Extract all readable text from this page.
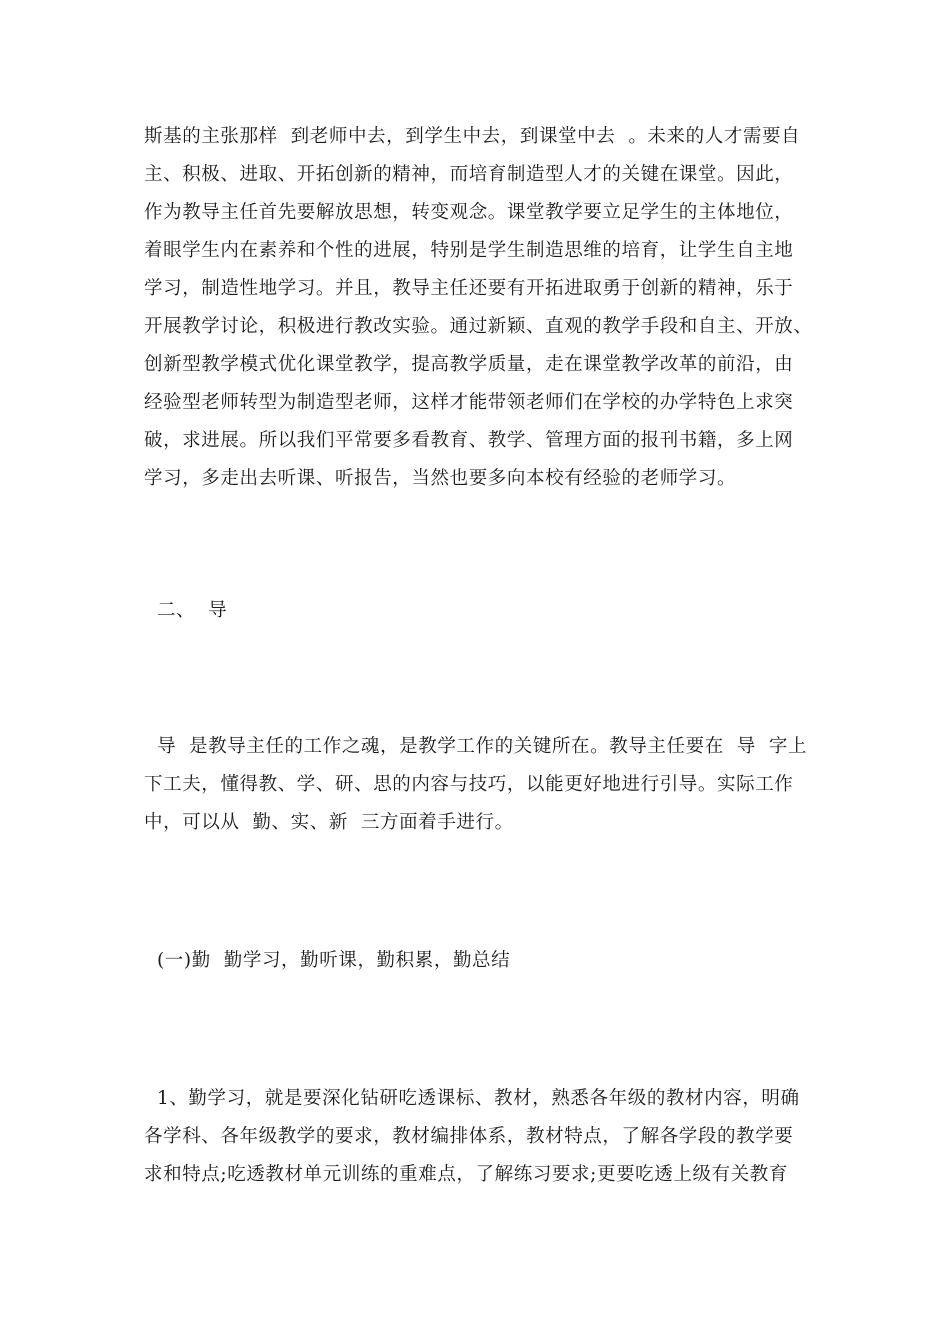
斯基的主张那样  到老师中去，到学生中去，到课堂中去  。未来的人才需要自
主、积极、进取、开拓创新的精神，而培育制造型人才的关键在课堂。因此，
作为教导主任首先要解放思想，转变观念。课堂教学要立足学生的主体地位，
着眼学生内在素养和个性的进展，特别是学生制造思维的培育，让学生自主地
学习，制造性地学习。并且，教导主任还要有开拓进取勇于创新的精神，乐于
开展教学讨论，积极进行教改实验。通过新颖、直观的教学手段和自主、开放、
创新型教学模式优化课堂教学，提高教学质量，走在课堂教学改革的前沿，由
经验型老师转型为制造型老师，这样才能带领老师们在学校的办学特色上求突
破，求进展。所以我们平常要多看教育、教学、管理方面的报刊书籍，多上网
学习，多走出去听课、听报告，当然也要多向本校有经验的老师学习。
二、  导
导  是教导主任的工作之魂，是教学工作的关键所在。教导主任要在  导  字上
下工夫，懂得教、学、研、思的内容与技巧，以能更好地进行引导。实际工作
中，可以从  勤、实、新  三方面着手进行。
(一)勤  勤学习，勤听课，勤积累，勤总结
1、勤学习，就是要深化钻研吃透课标、教材，熟悉各年级的教材内容，明确
各学科、各年级教学的要求，教材编排体系，教材特点，了解各学段的教学要
求和特点;吃透教材单元训练的重难点，了解练习要求;更要吃透上级有关教育
